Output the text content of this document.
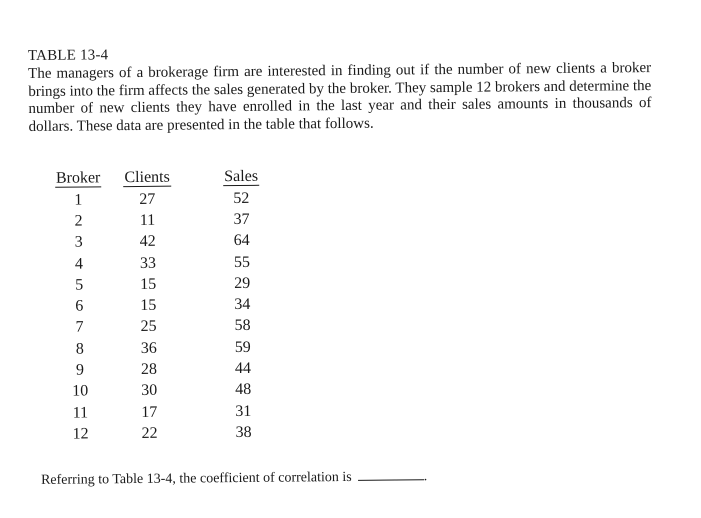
TABLE 13-4

The managers of a brokerage firm are interested in finding out if the number of new clients a broker brings into the firm affects the sales generated by the broker. They sample 12 brokers and determine the number of new clients they have enrolled in the last year and their sales amounts in thousands of dollars. These data are presented in the table that follows.

Broker	Clients	Sales
1	27	52
2	11	37
3	42	64
4	33	55
5	15	29
6	15	34
7	25	58
8	36	59
9	28	44
10	30	48
11	17	31
12	22	38
Referring to Table 13-4, the coefficient of correlation is	.
